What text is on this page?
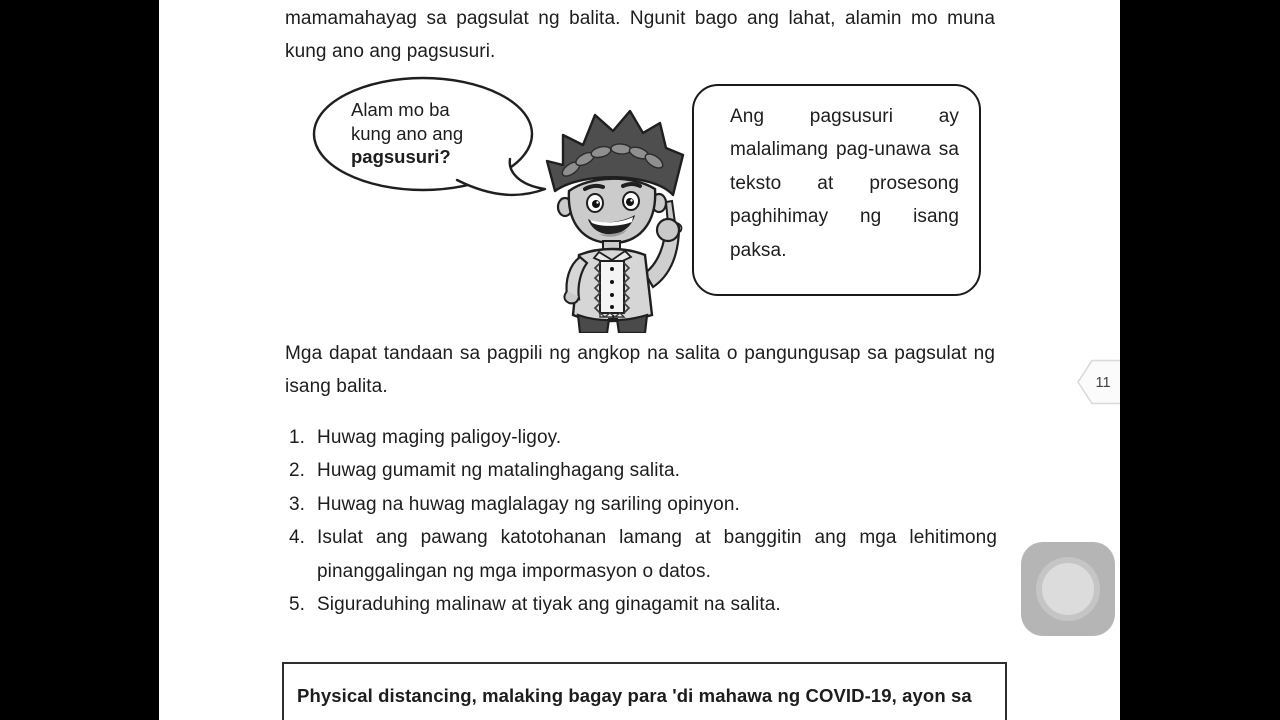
mamamahayag sa pagsulat ng balita. Ngunit bago ang lahat, alamin mo muna kung ano ang pagsusuri.

Alam mo ba
kung ano ang
pagsusuri?

Ang pagsusuri ay malalimang pag-unawa sa teksto at prosesong paghihimay ng isang paksa.

Mga dapat tandaan sa pagpili ng angkop na salita o pangungusap sa pagsulat ng isang balita.

1. Huwag maging paligoy-ligoy.
2. Huwag gumamit ng matalinghagang salita.
3. Huwag na huwag maglalagay ng sariling opinyon.
4. Isulat ang pawang katotohanan lamang at banggitin ang mga lehitimong pinanggalingan ng mga impormasyon o datos.
5. Siguraduhing malinaw at tiyak ang ginagamit na salita.

Physical distancing, malaking bagay para 'di mahawa ng COVID-19, ayon sa

11
